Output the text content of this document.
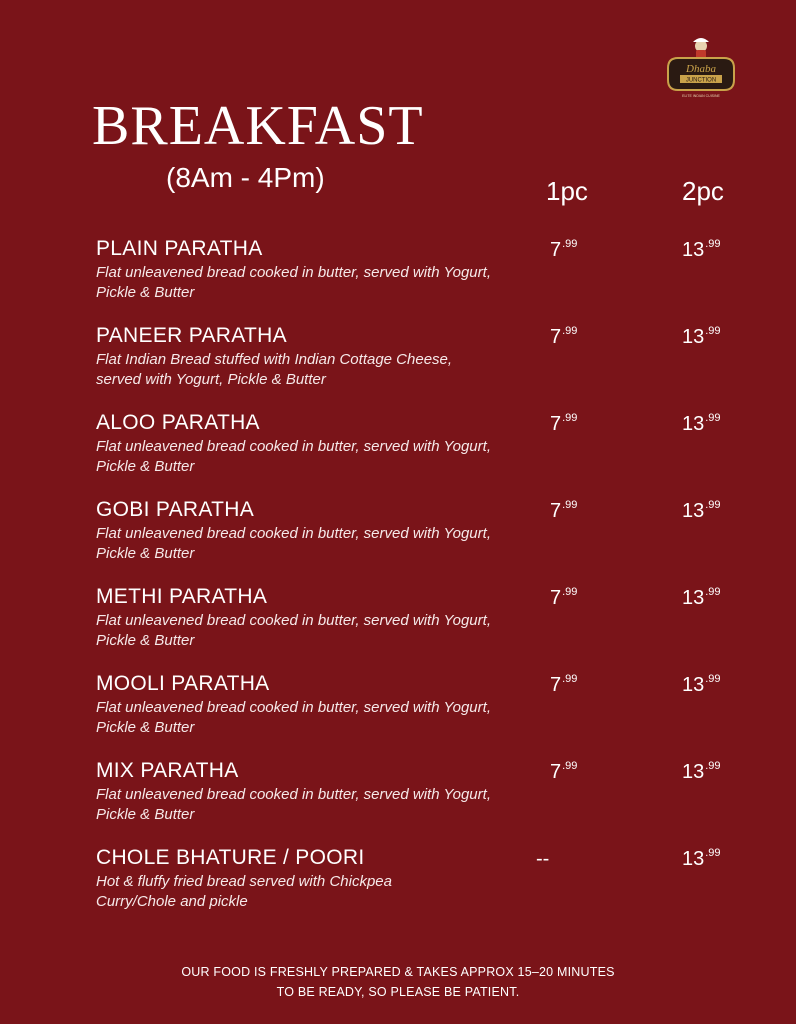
Dhaba
JUNCTION
ELITE INDIAN CUISINE
BREAKFAST
(8Am - 4Pm)	1pc	2pc
PLAIN PARATHA
Flat unleavened bread cooked in butter, served with Yogurt, Pickle & Butter
$7^{.99}$	$13^{.99}$
PANEER PARATHA
Flat Indian Bread stuffed with Indian Cottage Cheese, served with Yogurt, Pickle & Butter
$7^{.99}$	$13^{.99}$
ALOO PARATHA
Flat unleavened bread cooked in butter, served with Yogurt, Pickle & Butter
$7^{.99}$	$13^{.99}$
GOBI PARATHA
Flat unleavened bread cooked in butter, served with Yogurt, Pickle & Butter
$7^{.99}$	$13^{.99}$
METHI PARATHA
Flat unleavened bread cooked in butter, served with Yogurt, Pickle & Butter
$7^{.99}$	$13^{.99}$
MOOLI PARATHA
Flat unleavened bread cooked in butter, served with Yogurt, Pickle & Butter
$7^{.99}$	$13^{.99}$
MIX PARATHA
Flat unleavened bread cooked in butter, served with Yogurt, Pickle & Butter
$7^{.99}$	$13^{.99}$
CHOLE BHATURE / POORI
Hot & fluffy fried bread served with Chickpea Curry/Chole and pickle
--	$13^{.99}$
OUR FOOD IS FRESHLY PREPARED & TAKES APPROX 15–20 MINUTES
TO BE READY, SO PLEASE BE PATIENT.
